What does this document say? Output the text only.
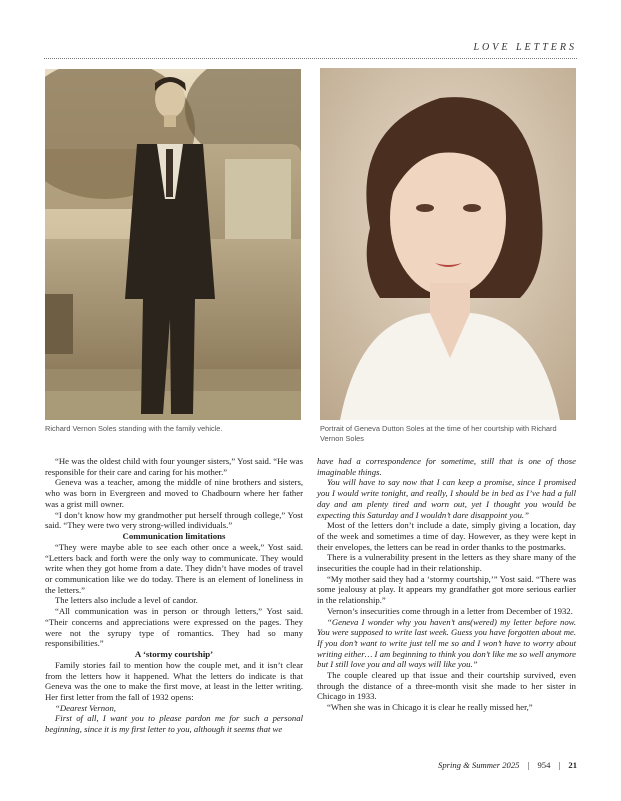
LOVE LETTERS
Richard Vernon Soles standing with the family vehicle.	Portrait of Geneva Dutton Soles at the time of her courtship with Richard Vernon Soles

“He was the oldest child with four younger sisters,” Yost said. “He was responsible for their care and caring for his mother.”

Geneva was a teacher, among the middle of nine brothers and sisters, who was born in Evergreen and moved to Chadbourn where her father was a grist mill owner.

“I don’t know how my grandmother put herself through college,” Yost said. “They were two very strong-willed individuals.”

Communication limitations

“They were maybe able to see each other once a week,” Yost said. “Letters back and forth were the only way to communicate. They would write when they got home from a date. They didn’t have modes of travel or communication like we do today. There is an element of loneliness in the letters.”

The letters also include a level of candor.

“All communication was in person or through letters,” Yost said. “Their concerns and appreciations were expressed on the pages. They were not the syrupy type of romantics. They had so many responsibilities.”

A ‘stormy courtship’

Family stories fail to mention how the couple met, and it isn’t clear from the letters how it happened. What the letters do indicate is that Geneva was the one to make the first move, at least in the letter writing. Her first letter from the fall of 1932 opens:

“Dearest Vernon,

First of all, I want you to please pardon me for such a personal beginning, since it is my first letter to you, although it seems that we

have had a correspondence for sometime, still that is one of those imaginable things.

You will have to say now that I can keep a promise, since I promised you I would write tonight, and really, I should be in bed as I’ve had a full day and am plenty tired and worn out, yet I thought you would be expecting this Saturday and I wouldn’t dare disappoint you.”

Most of the letters don’t include a date, simply giving a location, day of the week and sometimes a time of day. However, as they were kept in their envelopes, the letters can be read in order thanks to the postmarks.

There is a vulnerability present in the letters as they share many of the insecurities the couple had in their relationship.

“My mother said they had a ‘stormy courtship,’” Yost said. “There was some jealousy at play. It appears my grandfather got more serious earlier in the relationship.”

Vernon’s insecurities come through in a letter from December of 1932.

“Geneva I wonder why you haven’t ans(wered) my letter before now. You were supposed to write last week. Guess you have forgotten about me. If you don’t want to write just tell me so and I won’t have to worry about writing either… I am beginning to think you don’t like me so well anymore but I still love you and all ways will like you.”

The couple cleared up that issue and their courtship survived, even through the distance of a three-month visit she made to her sister in Chicago in 1933.

“When she was in Chicago it is clear he really missed her,”

Spring & Summer 2025 | 954 | 21
